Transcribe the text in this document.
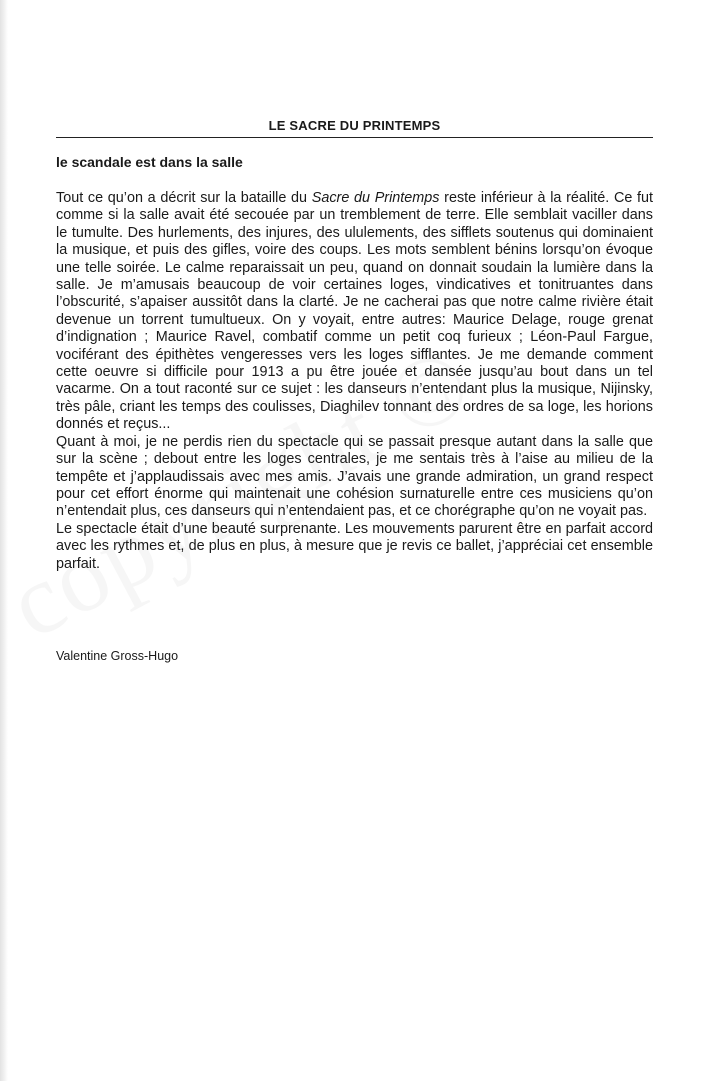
LE SACRE DU PRINTEMPS
le scandale est dans la salle

Tout ce qu’on a décrit sur la bataille du Sacre du Printemps reste inférieur à la réalité. Ce fut comme si la salle avait été secouée par un tremblement de terre. Elle semblait vaciller dans le tumulte. Des hurlements, des injures, des ululements, des sifflets soutenus qui dominaient la musique, et puis des gifles, voire des coups. Les mots semblent bénins lorsqu’on évoque une telle soirée. Le calme reparaissait un peu, quand on donnait soudain la lumière dans la salle. Je m’amusais beaucoup de voir certaines loges, vindicatives et tonitruantes dans l’obscurité, s’apaiser aussitôt dans la clarté. Je ne cacherai pas que notre calme rivière était devenue un torrent tumultueux. On y voyait, entre autres: Maurice Delage, rouge grenat d’indignation ; Maurice Ravel, combatif comme un petit coq furieux ; Léon-Paul Fargue, vociférant des épithètes vengeresses vers les loges sifflantes. Je me demande comment cette oeuvre si difficile pour 1913 a pu être jouée et dansée jusqu’au bout dans un tel vacarme. On a tout raconté sur ce sujet : les danseurs n’entendant plus la musique, Nijinsky, très pâle, criant les temps des coulisses, Diaghilev tonnant des ordres de sa loge, les horions donnés et reçus...

Quant à moi, je ne perdis rien du spectacle qui se passait presque autant dans la salle que sur la scène ; debout entre les loges centrales, je me sentais très à l’aise au milieu de la tempête et j’applaudissais avec mes amis. J’avais une grande admiration, un grand respect pour cet effort énorme qui maintenait une cohésion surnaturelle entre ces musiciens qu’on n’entendait plus, ces danseurs qui n’entendaient pas, et ce chorégraphe qu’on ne voyait pas.

Le spectacle était d’une beauté surprenante. Les mouvements parurent être en parfait accord avec les rythmes et, de plus en plus, à mesure que je revis ce ballet, j’appréciai cet ensemble parfait.

Valentine Gross-Hugo
